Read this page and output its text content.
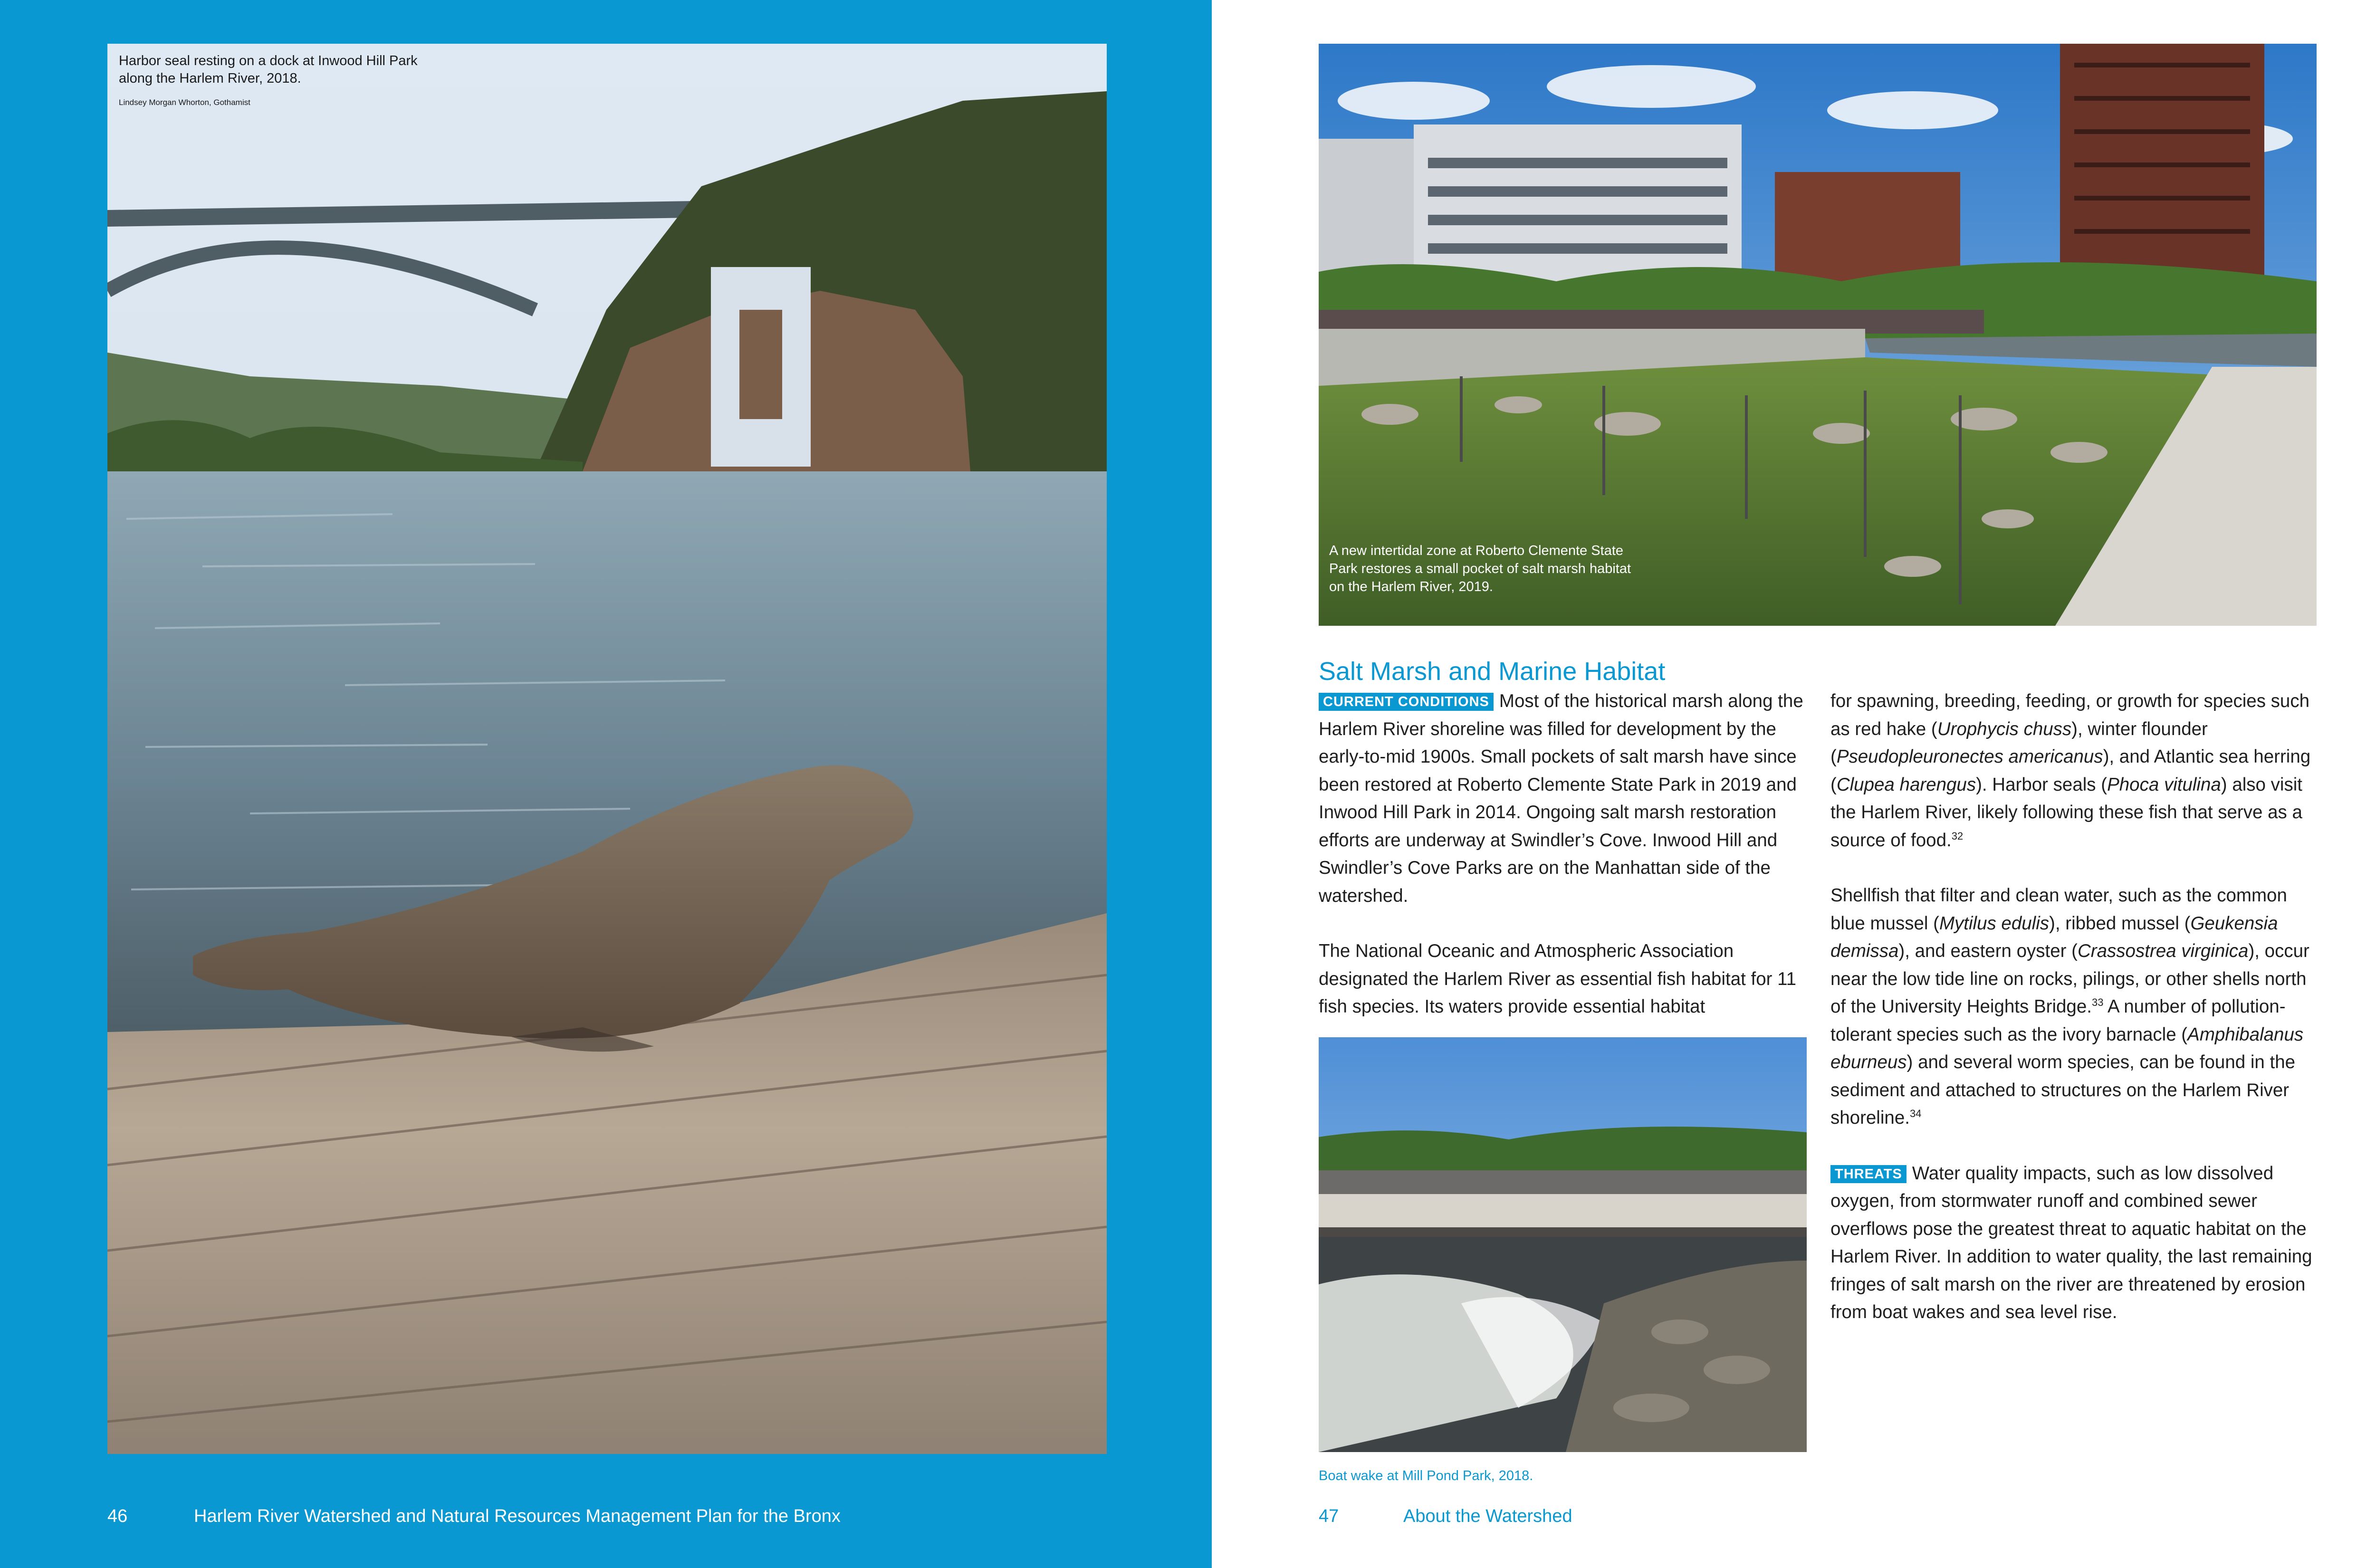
Harbor seal resting on a dock at Inwood Hill Park along the Harlem River, 2018.
Lindsey Morgan Whorton, Gothamist
46	Harlem River Watershed and Natural Resources Management Plan for the Bronx
A new intertidal zone at Roberto Clemente State Park restores a small pocket of salt marsh habitat on the Harlem River, 2019.
Salt Marsh and Marine Habitat

CURRENT CONDITIONS Most of the historical marsh along the Harlem River shoreline was filled for development by the early-to-mid 1900s. Small pockets of salt marsh have since been restored at Roberto Clemente State Park in 2019 and Inwood Hill Park in 2014. Ongoing salt marsh restoration efforts are underway at Swindler’s Cove. Inwood Hill and Swindler’s Cove Parks are on the Manhattan side of the watershed.

The National Oceanic and Atmospheric Association designated the Harlem River as essential fish habitat for 11 fish species. Its waters provide essential habitat

Boat wake at Mill Pond Park, 2018.

for spawning, breeding, feeding, or growth for species such as red hake (Urophycis chuss), winter flounder (Pseudopleuronectes americanus), and Atlantic sea herring (Clupea harengus). Harbor seals (Phoca vitulina) also visit the Harlem River, likely following these fish that serve as a source of food.$^{32}$

Shellfish that filter and clean water, such as the common blue mussel (Mytilus edulis), ribbed mussel (Geukensia demissa), and eastern oyster (Crassostrea virginica), occur near the low tide line on rocks, pilings, or other shells north of the University Heights Bridge.$^{33}$ A number of pollution-tolerant species such as the ivory barnacle (Amphibalanus eburneus) and several worm species, can be found in the sediment and attached to structures on the Harlem River shoreline.$^{34}$

THREATS Water quality impacts, such as low dissolved oxygen, from stormwater runoff and combined sewer overflows pose the greatest threat to aquatic habitat on the Harlem River. In addition to water quality, the last remaining fringes of salt marsh on the river are threatened by erosion from boat wakes and sea level rise.

47	About the Watershed
